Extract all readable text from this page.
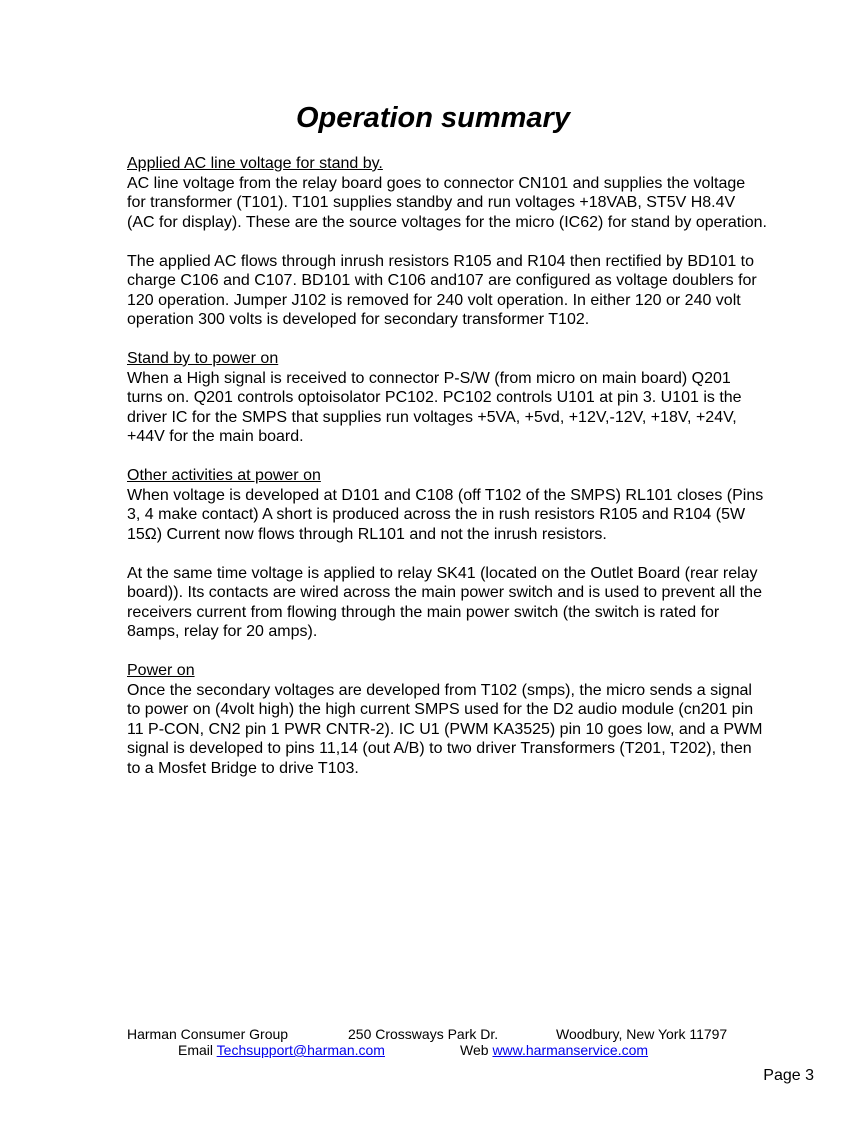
Operation summary
Applied AC line voltage for stand by.

AC line voltage from the relay board goes to connector CN101 and supplies the voltage for transformer (T101). T101 supplies standby and run voltages +18VAB, ST5V H8.4V (AC for display). These are the source voltages for the micro (IC62) for stand by operation.

The applied AC flows through inrush resistors R105 and R104 then rectified by BD101 to charge C106 and C107. BD101 with C106 and107 are configured as voltage doublers for 120 operation. Jumper J102 is removed for 240 volt operation. In either 120 or 240 volt operation 300 volts is developed for secondary transformer T102.

Stand by to power on

When a High signal is received to connector P-S/W (from micro on main board) Q201 turns on. Q201 controls optoisolator PC102. PC102 controls U101 at pin 3. U101 is the driver IC for the SMPS that supplies run voltages +5VA, +5vd, +12V,-12V, +18V, +24V, +44V for the main board.

Other activities at power on

When voltage is developed at D101 and C108 (off T102 of the SMPS) RL101 closes (Pins 3, 4 make contact) A short is produced across the in rush resistors R105 and R104 (5W 15Ω) Current now flows through RL101 and not the inrush resistors.

At the same time voltage is applied to relay SK41 (located on the Outlet Board (rear relay board)). Its contacts are wired across the main power switch and is used to prevent all the receivers current from flowing through the main power switch (the switch is rated for 8amps, relay for 20 amps).

Power on

Once the secondary voltages are developed from T102 (smps), the micro sends a signal to power on (4volt high) the high current SMPS used for the D2 audio module (cn201 pin 11 P-CON, CN2 pin 1 PWR CNTR-2). IC U1 (PWM KA3525) pin 10 goes low, and a PWM signal is developed to pins 11,14 (out A/B) to two driver Transformers (T201, T202), then to a Mosfet Bridge to drive T103.

Harman Consumer Group	250 Crossways Park Dr.	Woodbury, New York 11797
Email Techsupport@harman.com	Web www.harmanservice.com
Page 3
